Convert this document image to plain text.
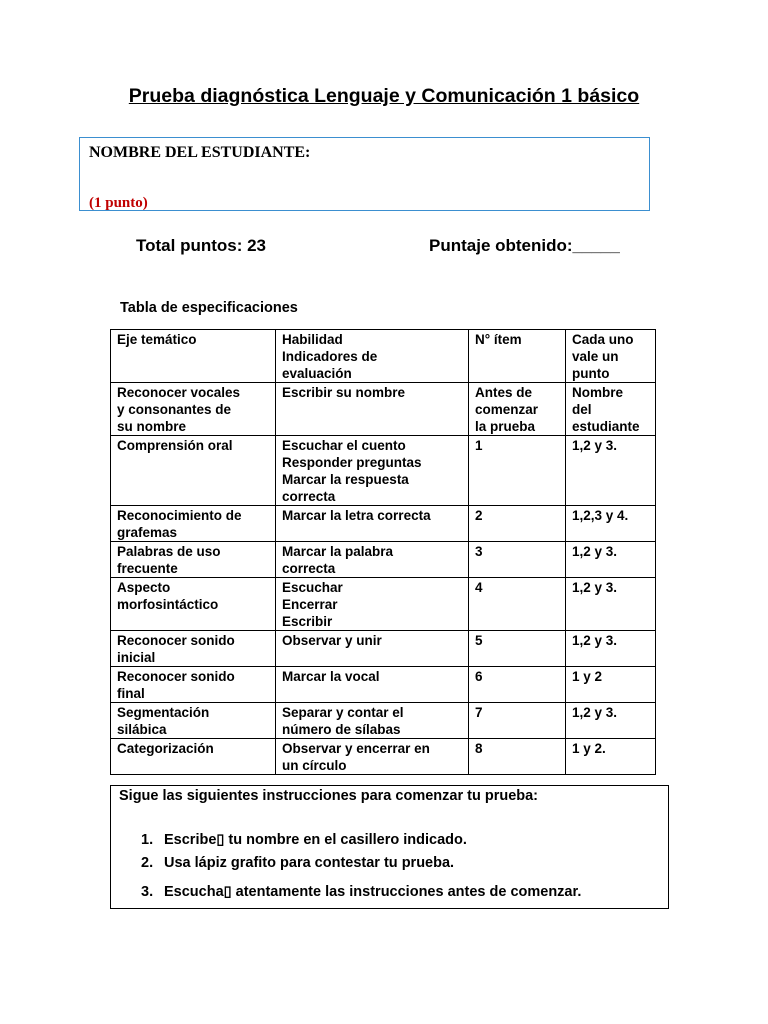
Prueba diagnóstica Lenguaje y Comunicación 1 básico
NOMBRE DEL ESTUDIANTE:
(1 punto)
Total puntos: 23	Puntaje obtenido:_____
Tabla de especificaciones
Eje temático	Habilidad
Indicadores de
evaluación	N° ítem	Cada uno
vale un
punto

Reconocer vocales
y consonantes de
su nombre	Escribir su nombre	Antes de
comenzar
la prueba	Nombre
del
estudiante

Comprensión oral	Escuchar el cuento
Responder preguntas
Marcar la respuesta
correcta	1	1,2 y 3.

Reconocimiento de
grafemas	Marcar la letra correcta	2	1,2,3 y 4.

Palabras de uso
frecuente	Marcar la palabra
correcta	3	1,2 y 3.

Aspecto
morfosintáctico	Escuchar
Encerrar
Escribir	4	1,2 y 3.

Reconocer sonido
inicial	Observar y unir	5	1,2 y 3.

Reconocer sonido
final	Marcar la vocal	6	1 y 2

Segmentación
silábica	Separar y contar el
número de sílabas	7	1,2 y 3.

Categorización	Observar y encerrar en
un círculo	8	1 y 2.
Sigue las siguientes instrucciones para comenzar tu prueba:
1. Escribe▯ tu nombre en el casillero indicado.
2. Usa lápiz grafito para contestar tu prueba.
3. Escucha▯ atentamente las instrucciones antes de comenzar.
